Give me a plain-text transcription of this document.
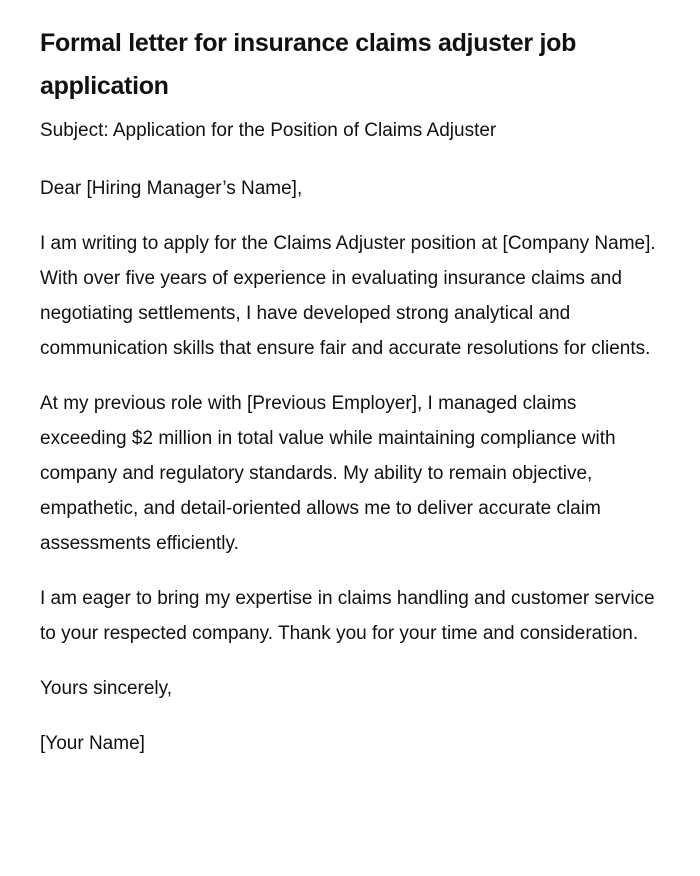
Formal letter for insurance claims adjuster job application

Subject: Application for the Position of Claims Adjuster

Dear [Hiring Manager’s Name],

I am writing to apply for the Claims Adjuster position at [Company Name]. With over five years of experience in evaluating insurance claims and negotiating settlements, I have developed strong analytical and communication skills that ensure fair and accurate resolutions for clients.

At my previous role with [Previous Employer], I managed claims exceeding $2 million in total value while maintaining compliance with company and regulatory standards. My ability to remain objective, empathetic, and detail-oriented allows me to deliver accurate claim assessments efficiently.

I am eager to bring my expertise in claims handling and customer service to your respected company. Thank you for your time and consideration.

Yours sincerely,

[Your Name]
